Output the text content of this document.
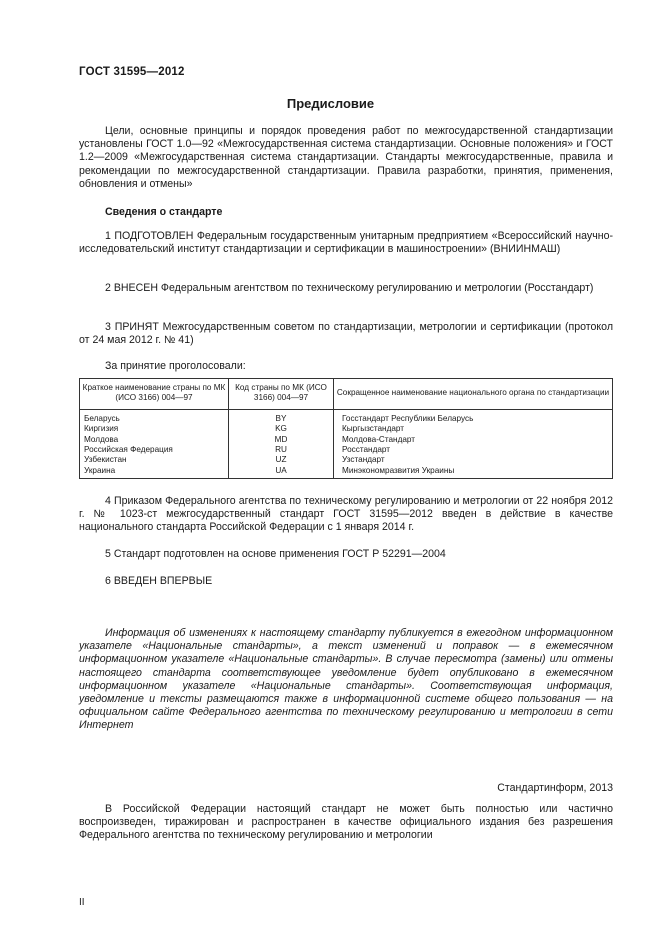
ГОСТ 31595—2012
Предисловие
Цели, основные принципы и порядок проведения работ по межгосударственной стандартизации установлены ГОСТ 1.0—92 «Межгосударственная система стандартизации. Основные положения» и ГОСТ 1.2—2009 «Межгосударственная система стандартизации. Стандарты межгосударственные, правила и рекомендации по межгосударственной стандартизации. Правила разработки, принятия, применения, обновления и отмены»
Сведения о стандарте
1 ПОДГОТОВЛЕН Федеральным государственным унитарным предприятием «Всероссийский научно-исследовательский институт стандартизации и сертификации в машиностроении» (ВНИИНМАШ)
2 ВНЕСЕН Федеральным агентством по техническому регулированию и метрологии (Росстандарт)
3 ПРИНЯТ Межгосударственным советом по стандартизации, метрологии и сертификации (протокол от 24 мая 2012 г. № 41)
За принятие проголосовали:
Краткое наименование страны по МК (ИСО 3166) 004—97	Код страны по МК (ИСО 3166) 004—97	Сокращенное наименование национального органа по стандартизации
Беларусь	BY	Госстандарт Республики Беларусь
Киргизия	KG	Кыргызстандарт
Молдова	MD	Молдова-Стандарт
Российская Федерация	RU	Росстандарт
Узбекистан	UZ	Узстандарт
Украина	UA	Минэкономразвития Украины
4 Приказом Федерального агентства по техническому регулированию и метрологии от 22 ноября 2012 г. № 1023-ст межгосударственный стандарт ГОСТ 31595—2012 введен в действие в качестве национального стандарта Российской Федерации с 1 января 2014 г.
5 Стандарт подготовлен на основе применения ГОСТ Р 52291—2004
6 ВВЕДЕН ВПЕРВЫЕ
Информация об изменениях к настоящему стандарту публикуется в ежегодном информационном указателе «Национальные стандарты», а текст изменений и поправок — в ежемесячном информационном указателе «Национальные стандарты». В случае пересмотра (замены) или отмены настоящего стандарта соответствующее уведомление будет опубликовано в ежемесячном информационном указателе «Национальные стандарты». Соответствующая информация, уведомление и тексты размещаются также в информационной системе общего пользования — на официальном сайте Федерального агентства по техническому регулированию и метрологии в сети Интернет
Стандартинформ, 2013
В Российской Федерации настоящий стандарт не может быть полностью или частично воспроизведен, тиражирован и распространен в качестве официального издания без разрешения Федерального агентства по техническому регулированию и метрологии
II
